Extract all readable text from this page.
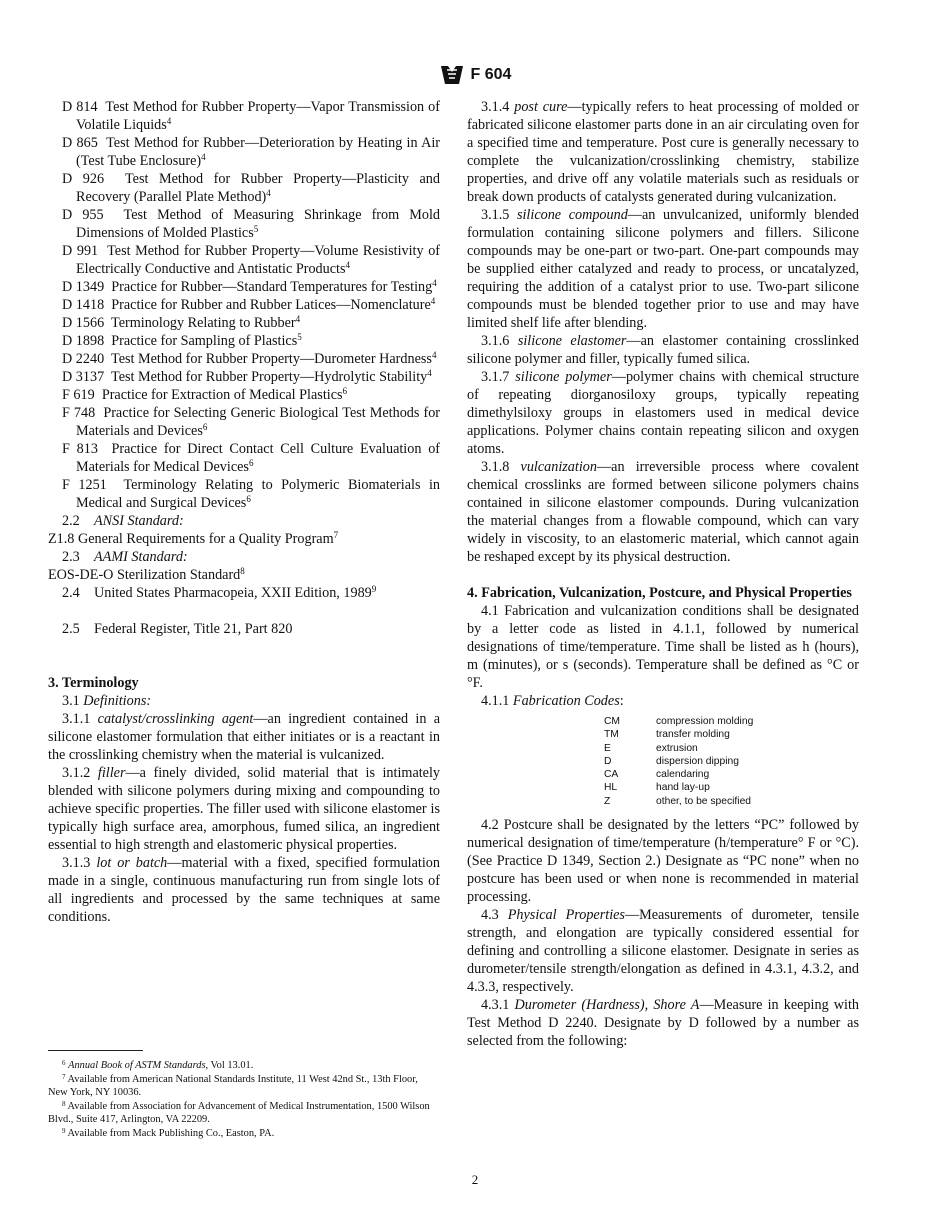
F 604

D 814 Test Method for Rubber Property—Vapor Transmission of Volatile Liquids$^4$

D 865 Test Method for Rubber—Deterioration by Heating in Air (Test Tube Enclosure)$^4$

D 926 Test Method for Rubber Property—Plasticity and Recovery (Parallel Plate Method)$^4$

D 955 Test Method of Measuring Shrinkage from Mold Dimensions of Molded Plastics$^5$

D 991 Test Method for Rubber Property—Volume Resistivity of Electrically Conductive and Antistatic Products$^4$

D 1349 Practice for Rubber—Standard Temperatures for Testing$^4$

D 1418 Practice for Rubber and Rubber Latices—Nomenclature$^4$

D 1566 Terminology Relating to Rubber$^4$

D 1898 Practice for Sampling of Plastics$^5$

D 2240 Test Method for Rubber Property—Durometer Hardness$^4$

D 3137 Test Method for Rubber Property—Hydrolytic Stability$^4$

F 619 Practice for Extraction of Medical Plastics$^6$

F 748 Practice for Selecting Generic Biological Test Methods for Materials and Devices$^6$

F 813 Practice for Direct Contact Cell Culture Evaluation of Materials for Medical Devices$^6$

F 1251 Terminology Relating to Polymeric Biomaterials in Medical and Surgical Devices$^6$

2.2 ANSI Standard:

Z1.8 General Requirements for a Quality Program$^7$

2.3 AAMI Standard:

EOS-DE-O Sterilization Standard$^8$

2.4 United States Pharmacopeia, XXII Edition, 1989$^9$

2.5 Federal Register, Title 21, Part 820

3. Terminology

3.1 Definitions:

3.1.1 catalyst/crosslinking agent—an ingredient contained in a silicone elastomer formulation that either initiates or is a reactant in the crosslinking chemistry when the material is vulcanized.

3.1.2 filler—a finely divided, solid material that is intimately blended with silicone polymers during mixing and compounding to achieve specific properties. The filler used with silicone elastomer is typically high surface area, amorphous, fumed silica, an ingredient essential to high strength and elastomeric physical properties.

3.1.3 lot or batch—material with a fixed, specified formulation made in a single, continuous manufacturing run from single lots of all ingredients and processed by the same techniques at same conditions.

3.1.4 post cure—typically refers to heat processing of molded or fabricated silicone elastomer parts done in an air circulating oven for a specified time and temperature. Post cure is generally necessary to complete the vulcanization/crosslinking chemistry, stabilize properties, and drive off any volatile materials such as residuals or break down products of catalysts generated during vulcanization.

3.1.5 silicone compound—an unvulcanized, uniformly blended formulation containing silicone polymers and fillers. Silicone compounds may be one-part or two-part. One-part compounds may be supplied either catalyzed and ready to process, or uncatalyzed, requiring the addition of a catalyst prior to use. Two-part silicone compounds must be blended together prior to use and may have limited shelf life after blending.

3.1.6 silicone elastomer—an elastomer containing crosslinked silicone polymer and filler, typically fumed silica.

3.1.7 silicone polymer—polymer chains with chemical structure of repeating diorganosiloxy groups, typically repeating dimethylsiloxy groups in elastomers used in medical device applications. Polymer chains contain repeating silicon and oxygen atoms.

3.1.8 vulcanization—an irreversible process where covalent chemical crosslinks are formed between silicone polymers chains contained in silicone elastomer compounds. During vulcanization the material changes from a flowable compound, which can vary widely in viscosity, to an elastomeric material, which cannot again be reshaped except by its physical destruction.

4. Fabrication, Vulcanization, Postcure, and Physical Properties

4.1 Fabrication and vulcanization conditions shall be designated by a letter code as listed in 4.1.1, followed by numerical designations of time/temperature. Time shall be listed as h (hours), m (minutes), or s (seconds). Temperature shall be defined as °C or °F.

4.1.1 Fabrication Codes:

CM	compression molding
TM	transfer molding
E	extrusion
D	dispersion dipping
CA	calendaring
HL	hand lay-up
Z	other, to be specified

4.2 Postcure shall be designated by the letters “PC” followed by numerical designation of time/temperature (h/temperature° F or °C). (See Practice D 1349, Section 2.) Designate as “PC none” when no postcure has been used or when none is recommended in material processing.

4.3 Physical Properties—Measurements of durometer, tensile strength, and elongation are typically considered essential for defining and controlling a silicone elastomer. Designate in series as durometer/tensile strength/elongation as defined in 4.3.1, 4.3.2, and 4.3.3, respectively.

4.3.1 Durometer (Hardness), Shore A—Measure in keeping with Test Method D 2240. Designate by D followed by a number as selected from the following:

$^6$ Annual Book of ASTM Standards, Vol 13.01.

$^7$ Available from American National Standards Institute, 11 West 42nd St., 13th Floor, New York, NY 10036.

$^8$ Available from Association for Advancement of Medical Instrumentation, 1500 Wilson Blvd., Suite 417, Arlington, VA 22209.

$^9$ Available from Mack Publishing Co., Easton, PA.

2
